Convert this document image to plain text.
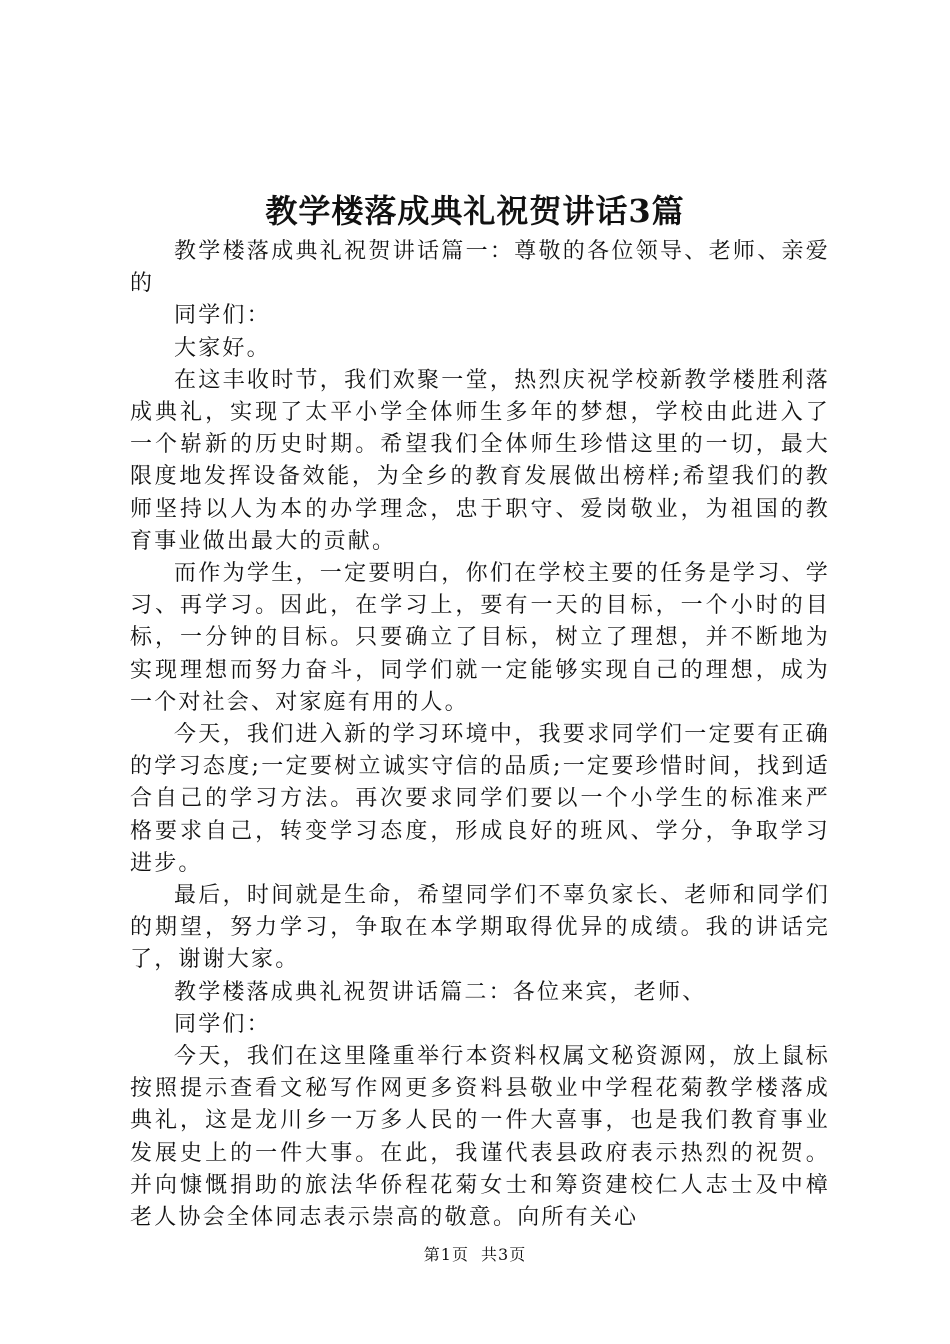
教学楼落成典礼祝贺讲话3篇

教学楼落成典礼祝贺讲话篇一：尊敬的各位领导、老师、亲爱的

同学们：

大家好。

在这丰收时节，我们欢聚一堂，热烈庆祝学校新教学楼胜利落成典礼，实现了太平小学全体师生多年的梦想，学校由此进入了一个崭新的历史时期。希望我们全体师生珍惜这里的一切，最大限度地发挥设备效能，为全乡的教育发展做出榜样;希望我们的教师坚持以人为本的办学理念，忠于职守、爱岗敬业，为祖国的教育事业做出最大的贡献。

而作为学生，一定要明白，你们在学校主要的任务是学习、学习、再学习。因此，在学习上，要有一天的目标，一个小时的目标，一分钟的目标。只要确立了目标，树立了理想，并不断地为实现理想而努力奋斗，同学们就一定能够实现自己的理想，成为一个对社会、对家庭有用的人。

今天，我们进入新的学习环境中，我要求同学们一定要有正确的学习态度;一定要树立诚实守信的品质;一定要珍惜时间，找到适合自己的学习方法。再次要求同学们要以一个小学生的标准来严格要求自己，转变学习态度，形成良好的班风、学分，争取学习进步。

最后，时间就是生命，希望同学们不辜负家长、老师和同学们的期望，努力学习，争取在本学期取得优异的成绩。我的讲话完了，谢谢大家。

教学楼落成典礼祝贺讲话篇二：各位来宾，老师、

同学们：

今天，我们在这里隆重举行本资料权属文秘资源网，放上鼠标按照提示查看文秘写作网更多资料县敬业中学程花菊教学楼落成典礼，这是龙川乡一万多人民的一件大喜事，也是我们教育事业发展史上的一件大事。在此，我谨代表县政府表示热烈的祝贺。并向慷慨捐助的旅法华侨程花菊女士和筹资建校仁人志士及中樟老人协会全体同志表示崇高的敬意。向所有关心

第1页 共3页
